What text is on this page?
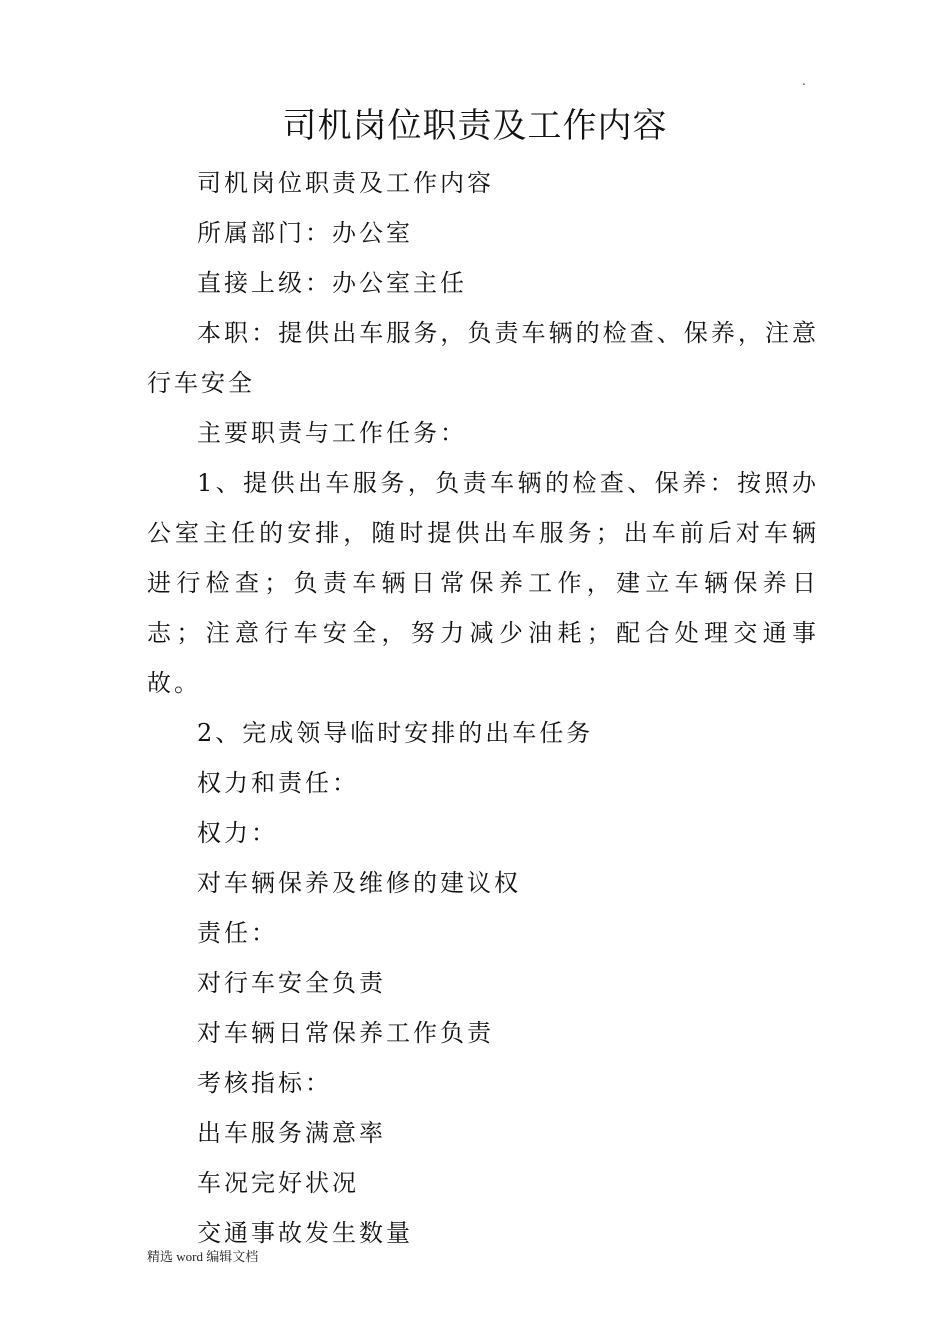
.
司机岗位职责及工作内容

司机岗位职责及工作内容

所属部门：办公室

直接上级：办公室主任

本职：提供出车服务，负责车辆的检查、保养，注意行车安全

主要职责与工作任务：

1、提供出车服务，负责车辆的检查、保养：按照办公室主任的安排，随时提供出车服务；出车前后对车辆进行检查；负责车辆日常保养工作，建立车辆保养日志；注意行车安全，努力减少油耗；配合处理交通事故。

2、完成领导临时安排的出车任务

权力和责任：

权力：

对车辆保养及维修的建议权

责任：

对行车安全负责

对车辆日常保养工作负责

考核指标：

出车服务满意率

车况完好状况

交通事故发生数量

精选 word 编辑文档
